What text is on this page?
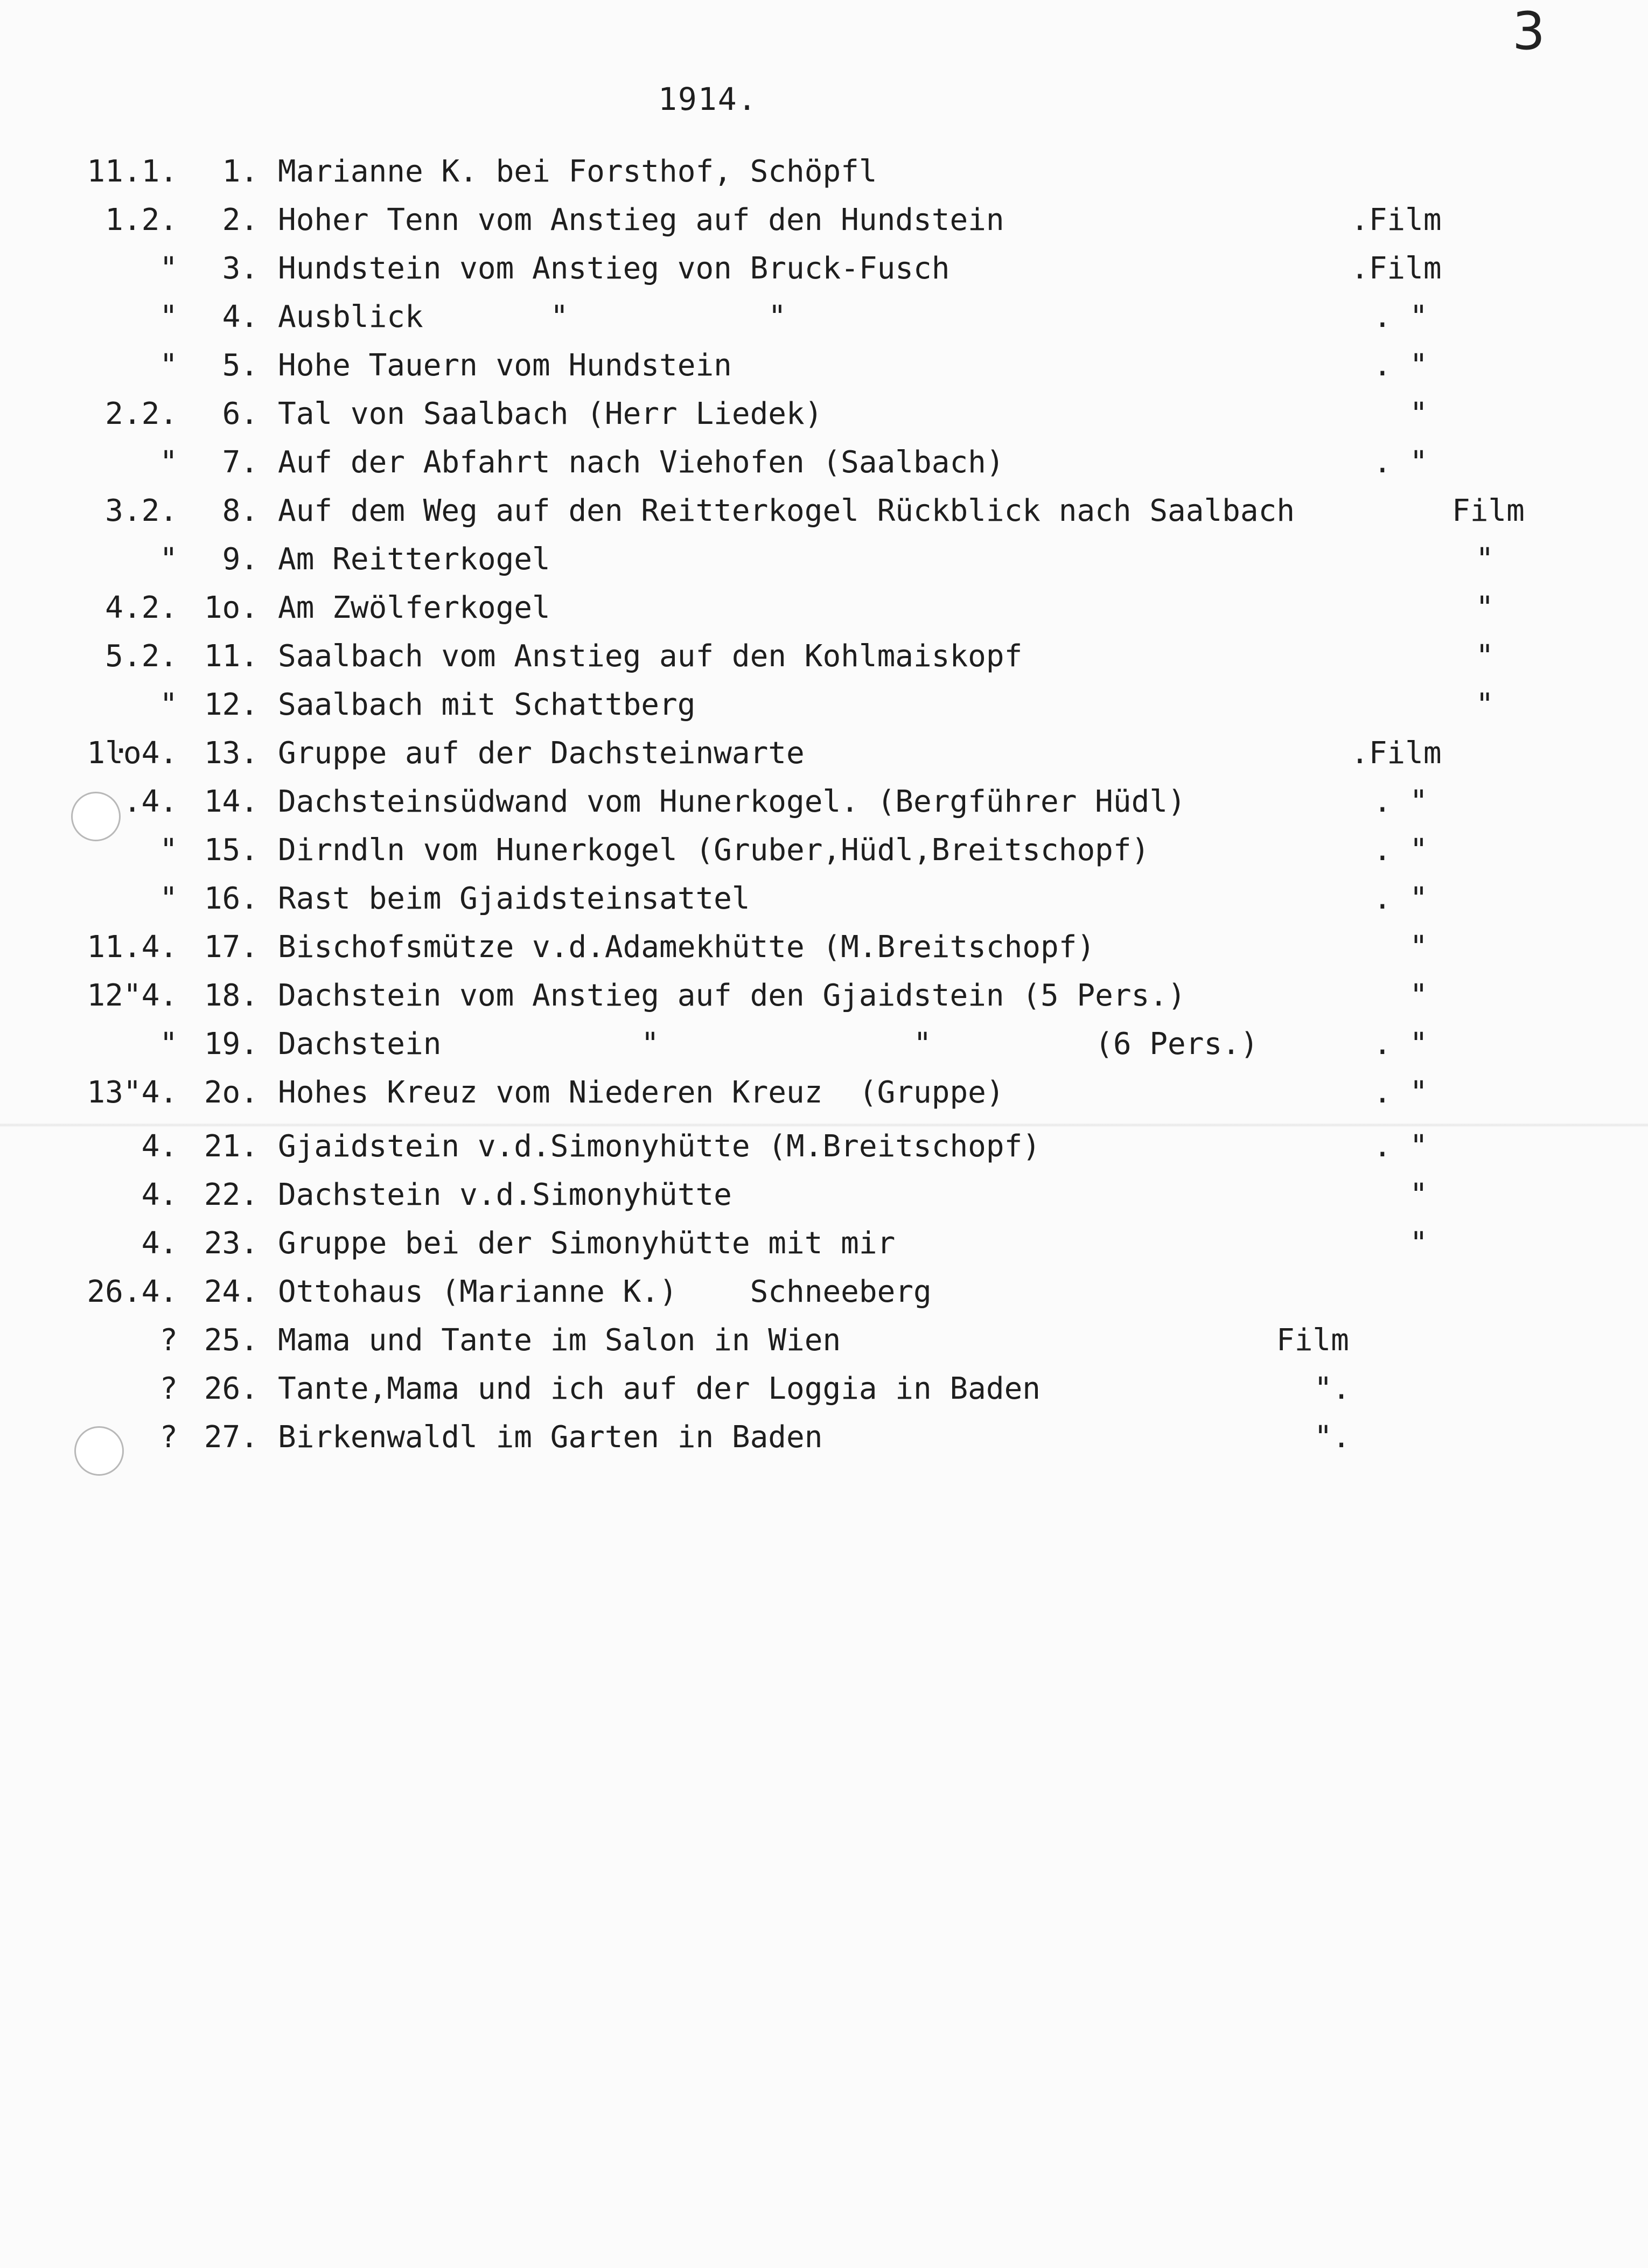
3
1914.
11.1. 1. Marianne K. bei Forsthof, Schöpfl
1.2. 2. Hoher Tenn vom Anstieg auf den Hundstein	.Film
" 3. Hundstein vom Anstieg von Bruck-Fusch	.Film
" 4. Ausblick       "           "	. "
" 5. Hohe Tauern vom Hundstein	. "
2.2. 6. Tal von Saalbach (Herr Liedek)	"
" 7. Auf der Abfahrt nach Viehofen (Saalbach)	. "
3.2. 8. Auf dem Weg auf den Reitterkogel Rückblick nach Saalbach	Film
" 9. Am Reitterkogel	"
4.2. 1o. Am Zwölferkogel	"
5.2. 11. Saalbach vom Anstieg auf den Kohlmaiskopf	"
" 12. Saalbach mit Schattberg	"
1ŀo4. 13. Gruppe auf der Dachsteinwarte	.Film
.4. 14. Dachsteinsüdwand vom Hunerkogel. (Bergführer Hüdl)	. "
" 15. Dirndln vom Hunerkogel (Gruber,Hüdl,Breitschopf)	. "
" 16. Rast beim Gjaidsteinsattel	. "
11.4. 17. Bischofsmütze v.d.Adamekhütte (M.Breitschopf)	"
12"4. 18. Dachstein vom Anstieg auf den Gjaidstein (5 Pers.)	"
" 19. Dachstein           "              "         (6 Pers.)	. "
13"4. 2o. Hohes Kreuz vom Niederen Kreuz  (Gruppe)	. "
4. 21. Gjaidstein v.d.Simonyhütte (M.Breitschopf)	. "
4. 22. Dachstein v.d.Simonyhütte	"
4. 23. Gruppe bei der Simonyhütte mit mir	"
26.4. 24. Ottohaus (Marianne K.)    Schneeberg
? 25. Mama und Tante im Salon in Wien	Film
? 26. Tante,Mama und ich auf der Loggia in Baden	".
? 27. Birkenwaldl im Garten in Baden	".
